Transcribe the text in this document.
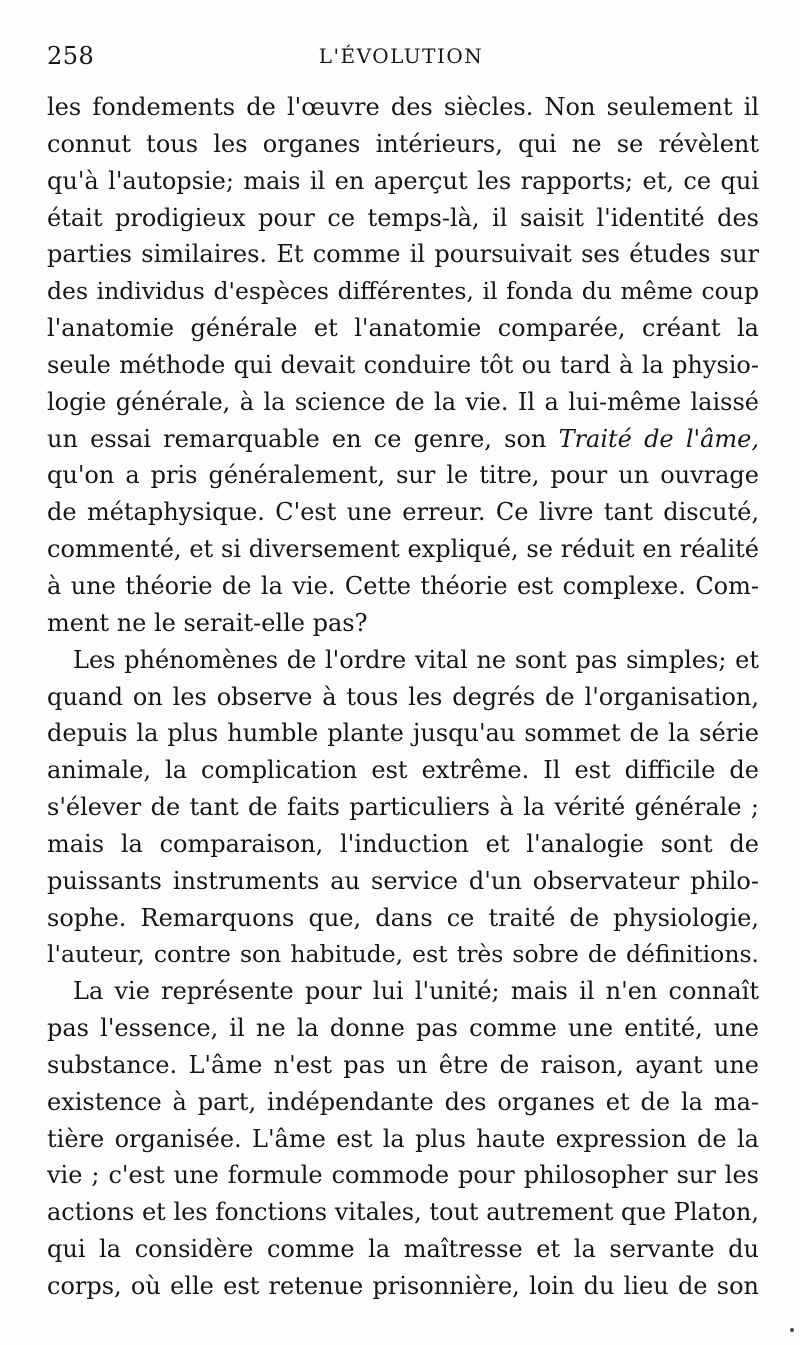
258	L'ÉVOLUTION
les fondements de l'œuvre des siècles. Non seulement il
connut tous les organes intérieurs, qui ne se révèlent
qu'à l'autopsie; mais il en aperçut les rapports; et, ce qui
était prodigieux pour ce temps-là, il saisit l'identité des
parties similaires. Et comme il poursuivait ses études sur
des individus d'espèces différentes, il fonda du même coup
l'anatomie générale et l'anatomie comparée, créant la
seule méthode qui devait conduire tôt ou tard à la physio-
logie générale, à la science de la vie. Il a lui-même laissé
un essai remarquable en ce genre, son Traité de l'âme,
qu'on a pris généralement, sur le titre, pour un ouvrage
de métaphysique. C'est une erreur. Ce livre tant discuté,
commenté, et si diversement expliqué, se réduit en réalité
à une théorie de la vie. Cette théorie est complexe. Com-
ment ne le serait-elle pas?
Les phénomènes de l'ordre vital ne sont pas simples; et
quand on les observe à tous les degrés de l'organisation,
depuis la plus humble plante jusqu'au sommet de la série
animale, la complication est extrême. Il est difficile de
s'élever de tant de faits particuliers à la vérité générale ;
mais la comparaison, l'induction et l'analogie sont de
puissants instruments au service d'un observateur philo-
sophe. Remarquons que, dans ce traité de physiologie,
l'auteur, contre son habitude, est très sobre de définitions.
La vie représente pour lui l'unité; mais il n'en connaît
pas l'essence, il ne la donne pas comme une entité, une
substance. L'âme n'est pas un être de raison, ayant une
existence à part, indépendante des organes et de la ma-
tière organisée. L'âme est la plus haute expression de la
vie ; c'est une formule commode pour philosopher sur les
actions et les fonctions vitales, tout autrement que Platon,
qui la considère comme la maîtresse et la servante du
corps, où elle est retenue prisonnière, loin du lieu de son
